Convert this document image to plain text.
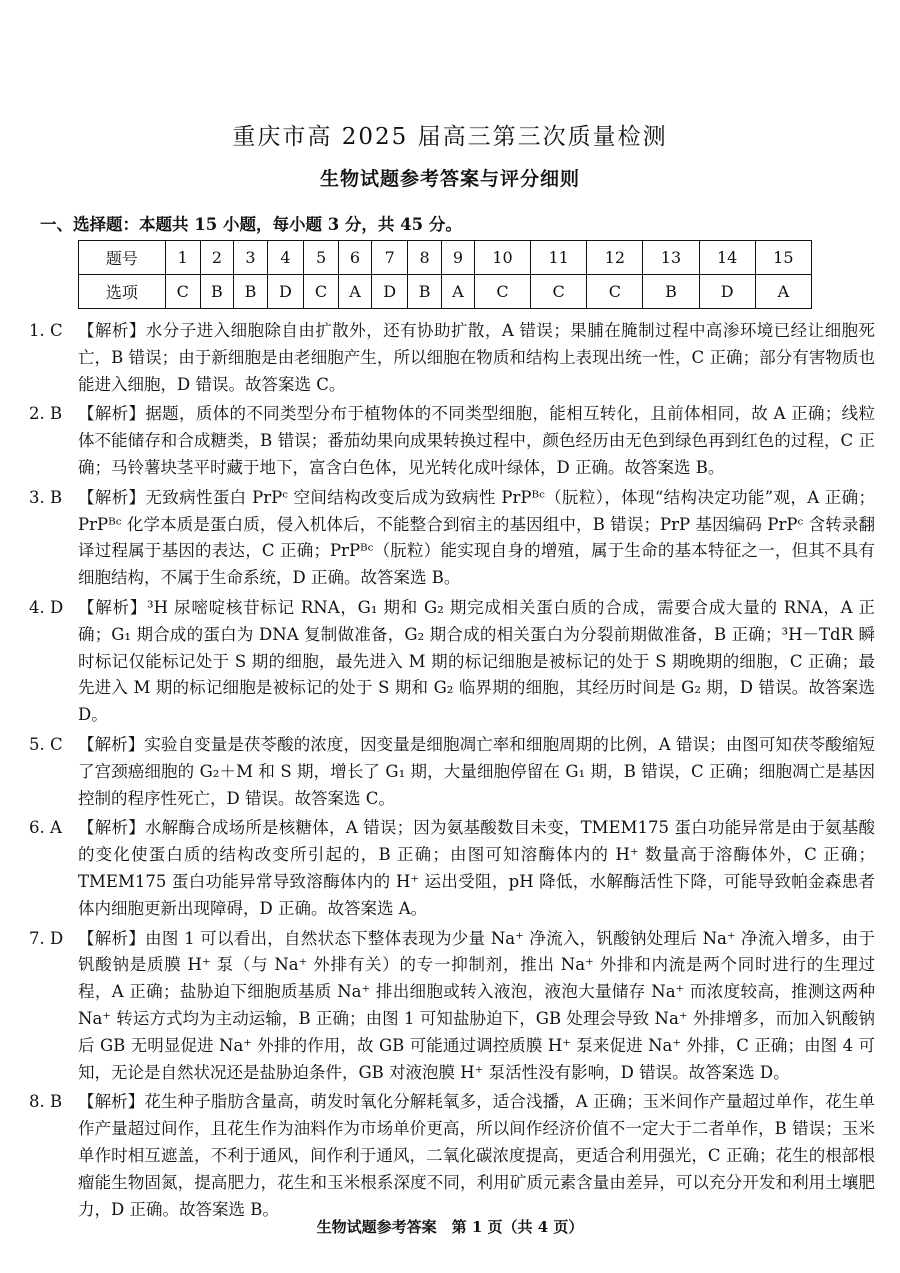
重庆市高 2025 届高三第三次质量检测
生物试题参考答案与评分细则
一、选择题：本题共 15 小题，每小题 3 分，共 45 分。
题号	1	2	3	4	5	6	7	8	9	10	11	12	13	14	15
选项	C	B	B	D	C	A	D	B	A	C	C	C	B	D	A
1. C 【解析】水分子进入细胞除自由扩散外，还有协助扩散，A 错误；果脯在腌制过程中高渗环境已经让细胞死亡，B 错误；由于新细胞是由老细胞产生，所以细胞在物质和结构上表现出统一性，C 正确；部分有害物质也能进入细胞，D 错误。故答案选 C。
2. B 【解析】据题，质体的不同类型分布于植物体的不同类型细胞，能相互转化，且前体相同，故 A 正确；线粒体不能储存和合成糖类，B 错误；番茄幼果向成果转换过程中，颜色经历由无色到绿色再到红色的过程，C 正确；马铃薯块茎平时藏于地下，富含白色体，见光转化成叶绿体，D 正确。故答案选 B。
3. B 【解析】无致病性蛋白 PrPᶜ 空间结构改变后成为致病性 PrPᴮᶜ（朊粒），体现“结构决定功能”观，A 正确；PrPᴮᶜ 化学本质是蛋白质，侵入机体后，不能整合到宿主的基因组中，B 错误；PrP 基因编码 PrPᶜ 含转录翻译过程属于基因的表达，C 正确；PrPᴮᶜ（朊粒）能实现自身的增殖，属于生命的基本特征之一，但其不具有细胞结构，不属于生命系统，D 正确。故答案选 B。
4. D 【解析】³H 尿嘧啶核苷标记 RNA，G₁ 期和 G₂ 期完成相关蛋白质的合成，需要合成大量的 RNA，A 正确；G₁ 期合成的蛋白为 DNA 复制做准备，G₂ 期合成的相关蛋白为分裂前期做准备，B 正确；³H－TdR 瞬时标记仅能标记处于 S 期的细胞，最先进入 M 期的标记细胞是被标记的处于 S 期晚期的细胞，C 正确；最先进入 M 期的标记细胞是被标记的处于 S 期和 G₂ 临界期的细胞，其经历时间是 G₂ 期，D 错误。故答案选 D。
5. C 【解析】实验自变量是茯苓酸的浓度，因变量是细胞凋亡率和细胞周期的比例，A 错误；由图可知茯苓酸缩短了宫颈癌细胞的 G₂＋M 和 S 期，增长了 G₁ 期，大量细胞停留在 G₁ 期，B 错误，C 正确；细胞凋亡是基因控制的程序性死亡，D 错误。故答案选 C。
6. A 【解析】水解酶合成场所是核糖体，A 错误；因为氨基酸数目未变，TMEM175 蛋白功能异常是由于氨基酸的变化使蛋白质的结构改变所引起的，B 正确；由图可知溶酶体内的 H⁺ 数量高于溶酶体外，C 正确；TMEM175 蛋白功能异常导致溶酶体内的 H⁺ 运出受阻，pH 降低，水解酶活性下降，可能导致帕金森患者体内细胞更新出现障碍，D 正确。故答案选 A。
7. D 【解析】由图 1 可以看出，自然状态下整体表现为少量 Na⁺ 净流入，钒酸钠处理后 Na⁺ 净流入增多，由于钒酸钠是质膜 H⁺ 泵（与 Na⁺ 外排有关）的专一抑制剂，推出 Na⁺ 外排和内流是两个同时进行的生理过程，A 正确；盐胁迫下细胞质基质 Na⁺ 排出细胞或转入液泡，液泡大量储存 Na⁺ 而浓度较高，推测这两种 Na⁺ 转运方式均为主动运输，B 正确；由图 1 可知盐胁迫下，GB 处理会导致 Na⁺ 外排增多，而加入钒酸钠后 GB 无明显促进 Na⁺ 外排的作用，故 GB 可能通过调控质膜 H⁺ 泵来促进 Na⁺ 外排，C 正确；由图 4 可知，无论是自然状况还是盐胁迫条件，GB 对液泡膜 H⁺ 泵活性没有影响，D 错误。故答案选 D。
8. B 【解析】花生种子脂肪含量高，萌发时氧化分解耗氧多，适合浅播，A 正确；玉米间作产量超过单作，花生单作产量超过间作，且花生作为油料作为市场单价更高，所以间作经济价值不一定大于二者单作，B 错误；玉米单作时相互遮盖，不利于通风，间作利于通风，二氧化碳浓度提高，更适合利用强光，C 正确；花生的根部根瘤能生物固氮，提高肥力，花生和玉米根系深度不同，利用矿质元素含量由差异，可以充分开发和利用土壤肥力，D 正确。故答案选 B。
生物试题参考答案　第 1 页（共 4 页）
